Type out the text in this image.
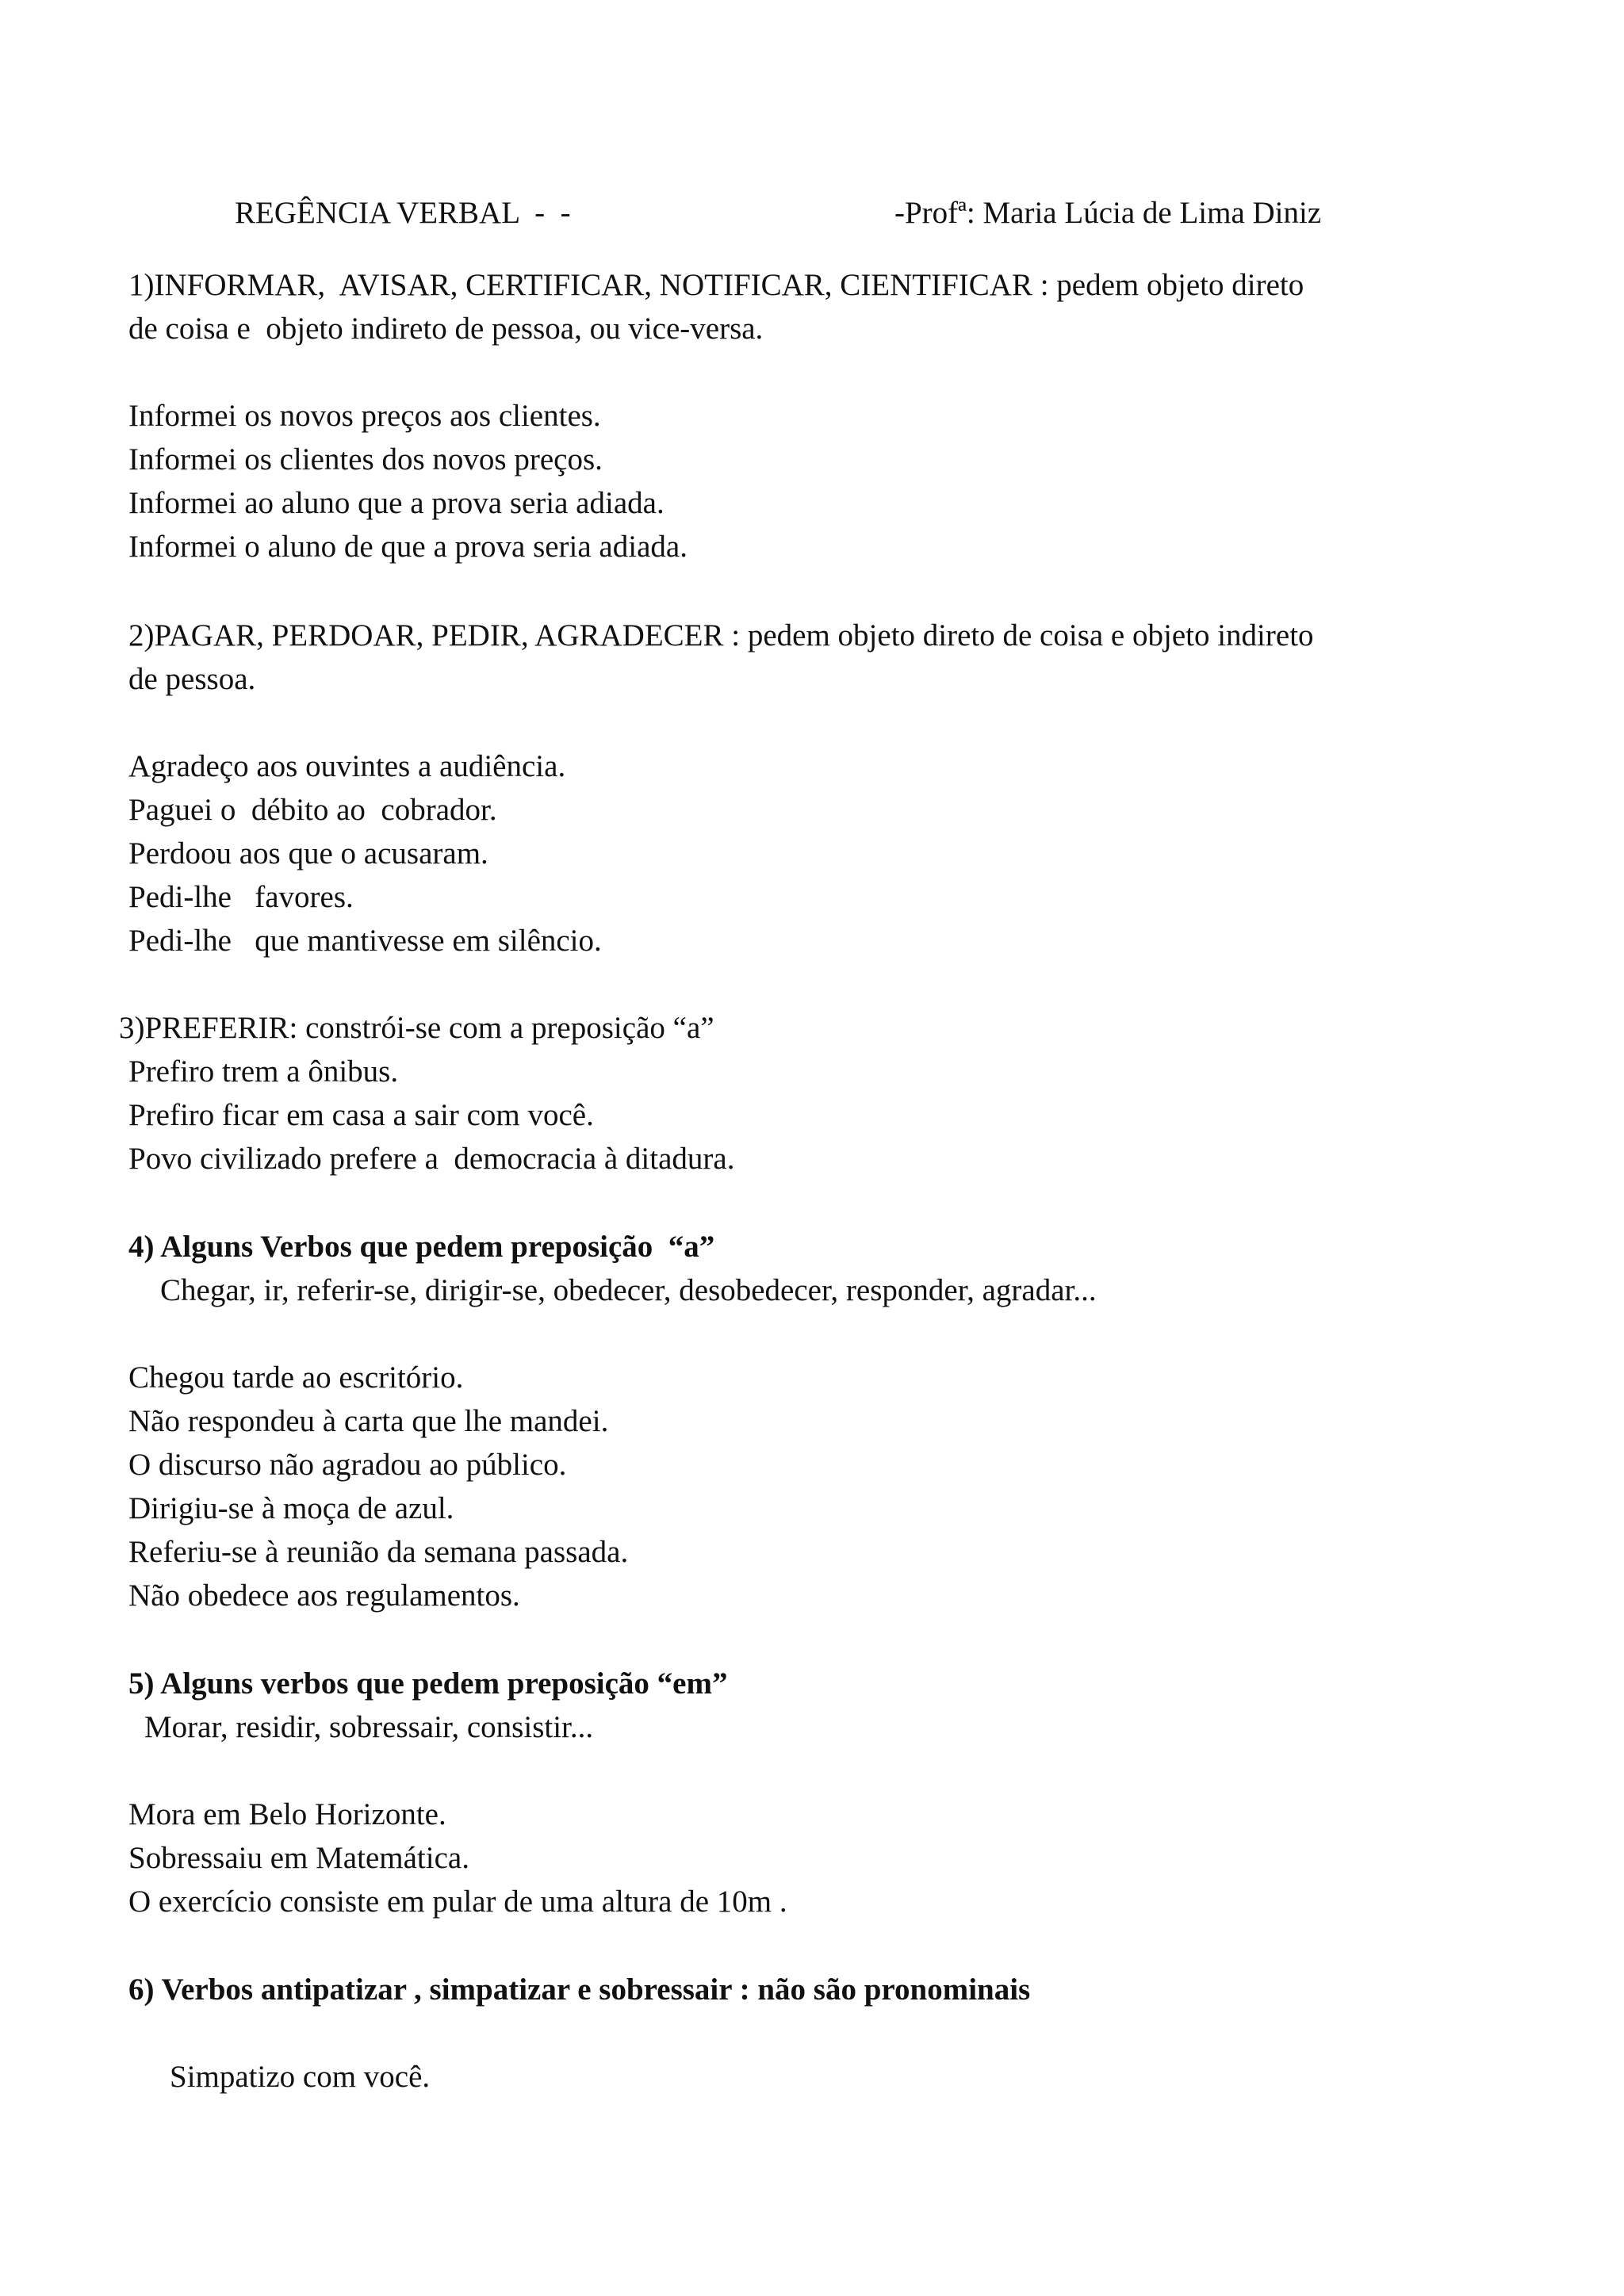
REGÊNCIA VERBAL  -  -	-Profª: Maria Lúcia de Lima Diniz
1)INFORMAR,  AVISAR, CERTIFICAR, NOTIFICAR, CIENTIFICAR : pedem objeto direto
de coisa e  objeto indireto de pessoa, ou vice-versa.
Informei os novos preços aos clientes.
Informei os clientes dos novos preços.
Informei ao aluno que a prova seria adiada.
Informei o aluno de que a prova seria adiada.
2)PAGAR, PERDOAR, PEDIR, AGRADECER : pedem objeto direto de coisa e objeto indireto
de pessoa.
Agradeço aos ouvintes a audiência.
Paguei o  débito ao  cobrador.
Perdoou aos que o acusaram.
Pedi-lhe   favores.
Pedi-lhe   que mantivesse em silêncio.
3)PREFERIR: constrói-se com a preposição “a”
Prefiro trem a ônibus.
Prefiro ficar em casa a sair com você.
Povo civilizado prefere a  democracia à ditadura.
4) Alguns Verbos que pedem preposição  “a”
Chegar, ir, referir-se, dirigir-se, obedecer, desobedecer, responder, agradar...
Chegou tarde ao escritório.
Não respondeu à carta que lhe mandei.
O discurso não agradou ao público.
Dirigiu-se à moça de azul.
Referiu-se à reunião da semana passada.
Não obedece aos regulamentos.
5) Alguns verbos que pedem preposição “em”
Morar, residir, sobressair, consistir...
Mora em Belo Horizonte.
Sobressaiu em Matemática.
O exercício consiste em pular de uma altura de 10m .
6) Verbos antipatizar , simpatizar e sobressair : não são pronominais
Simpatizo com você.
